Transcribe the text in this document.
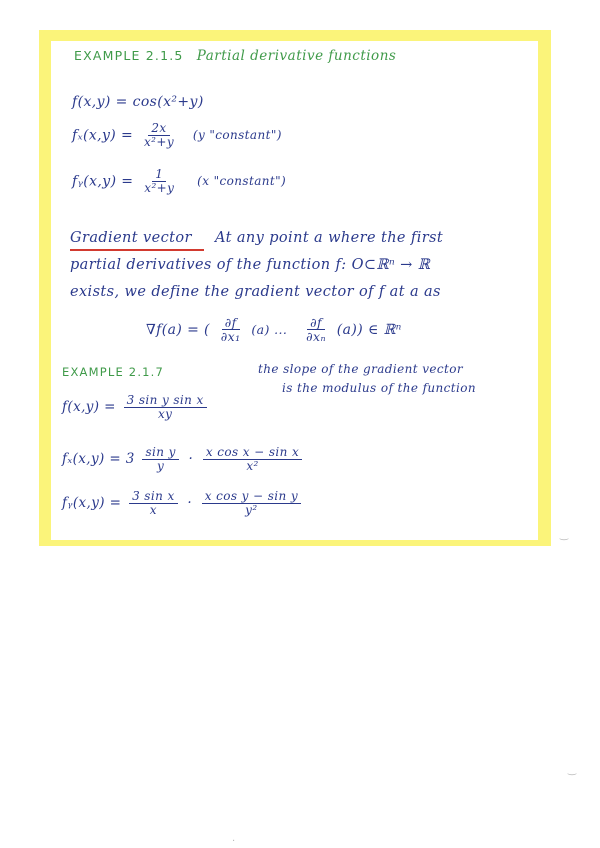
EXAMPLE 2.1.5 Partial derivative functions
f(x,y) = cos(x²+y)
$f_x(x,y) = \frac{2x}{\text{x²+y}} (y$ "constant")
fᵧ(x,y) = $\frac{1}{\text{x²+y}} (x$ "constant")
Gradient vector At any point a where the first
partial derivatives of the function f: O⊂ℝⁿ → ℝ
exists, we define the gradient vector of f at a as
∇f(a) = ( $\frac{\partial f}{\text{∂x₁}} (a)$ ... $\frac{\partial f}{\text{∂xₙ}} (a)$) ∈ ℝⁿ
EXAMPLE 2.1.7	the slope of the gradient vector
is the modulus of the function
$f(x,y) = \frac{\text{3 sin y sin x}}{xy}$
$f_x(x,y) = 3 \frac{\text{sin y}}{y} \cdot \frac{\text{x cos x − sin x}}{\text{x²}}$
fᵧ(x,y) = $\frac{\text{3 sin x}}{x} \cdot \frac{\text{x cos y − sin y}}{\text{y²}}$
‿
‿
·
